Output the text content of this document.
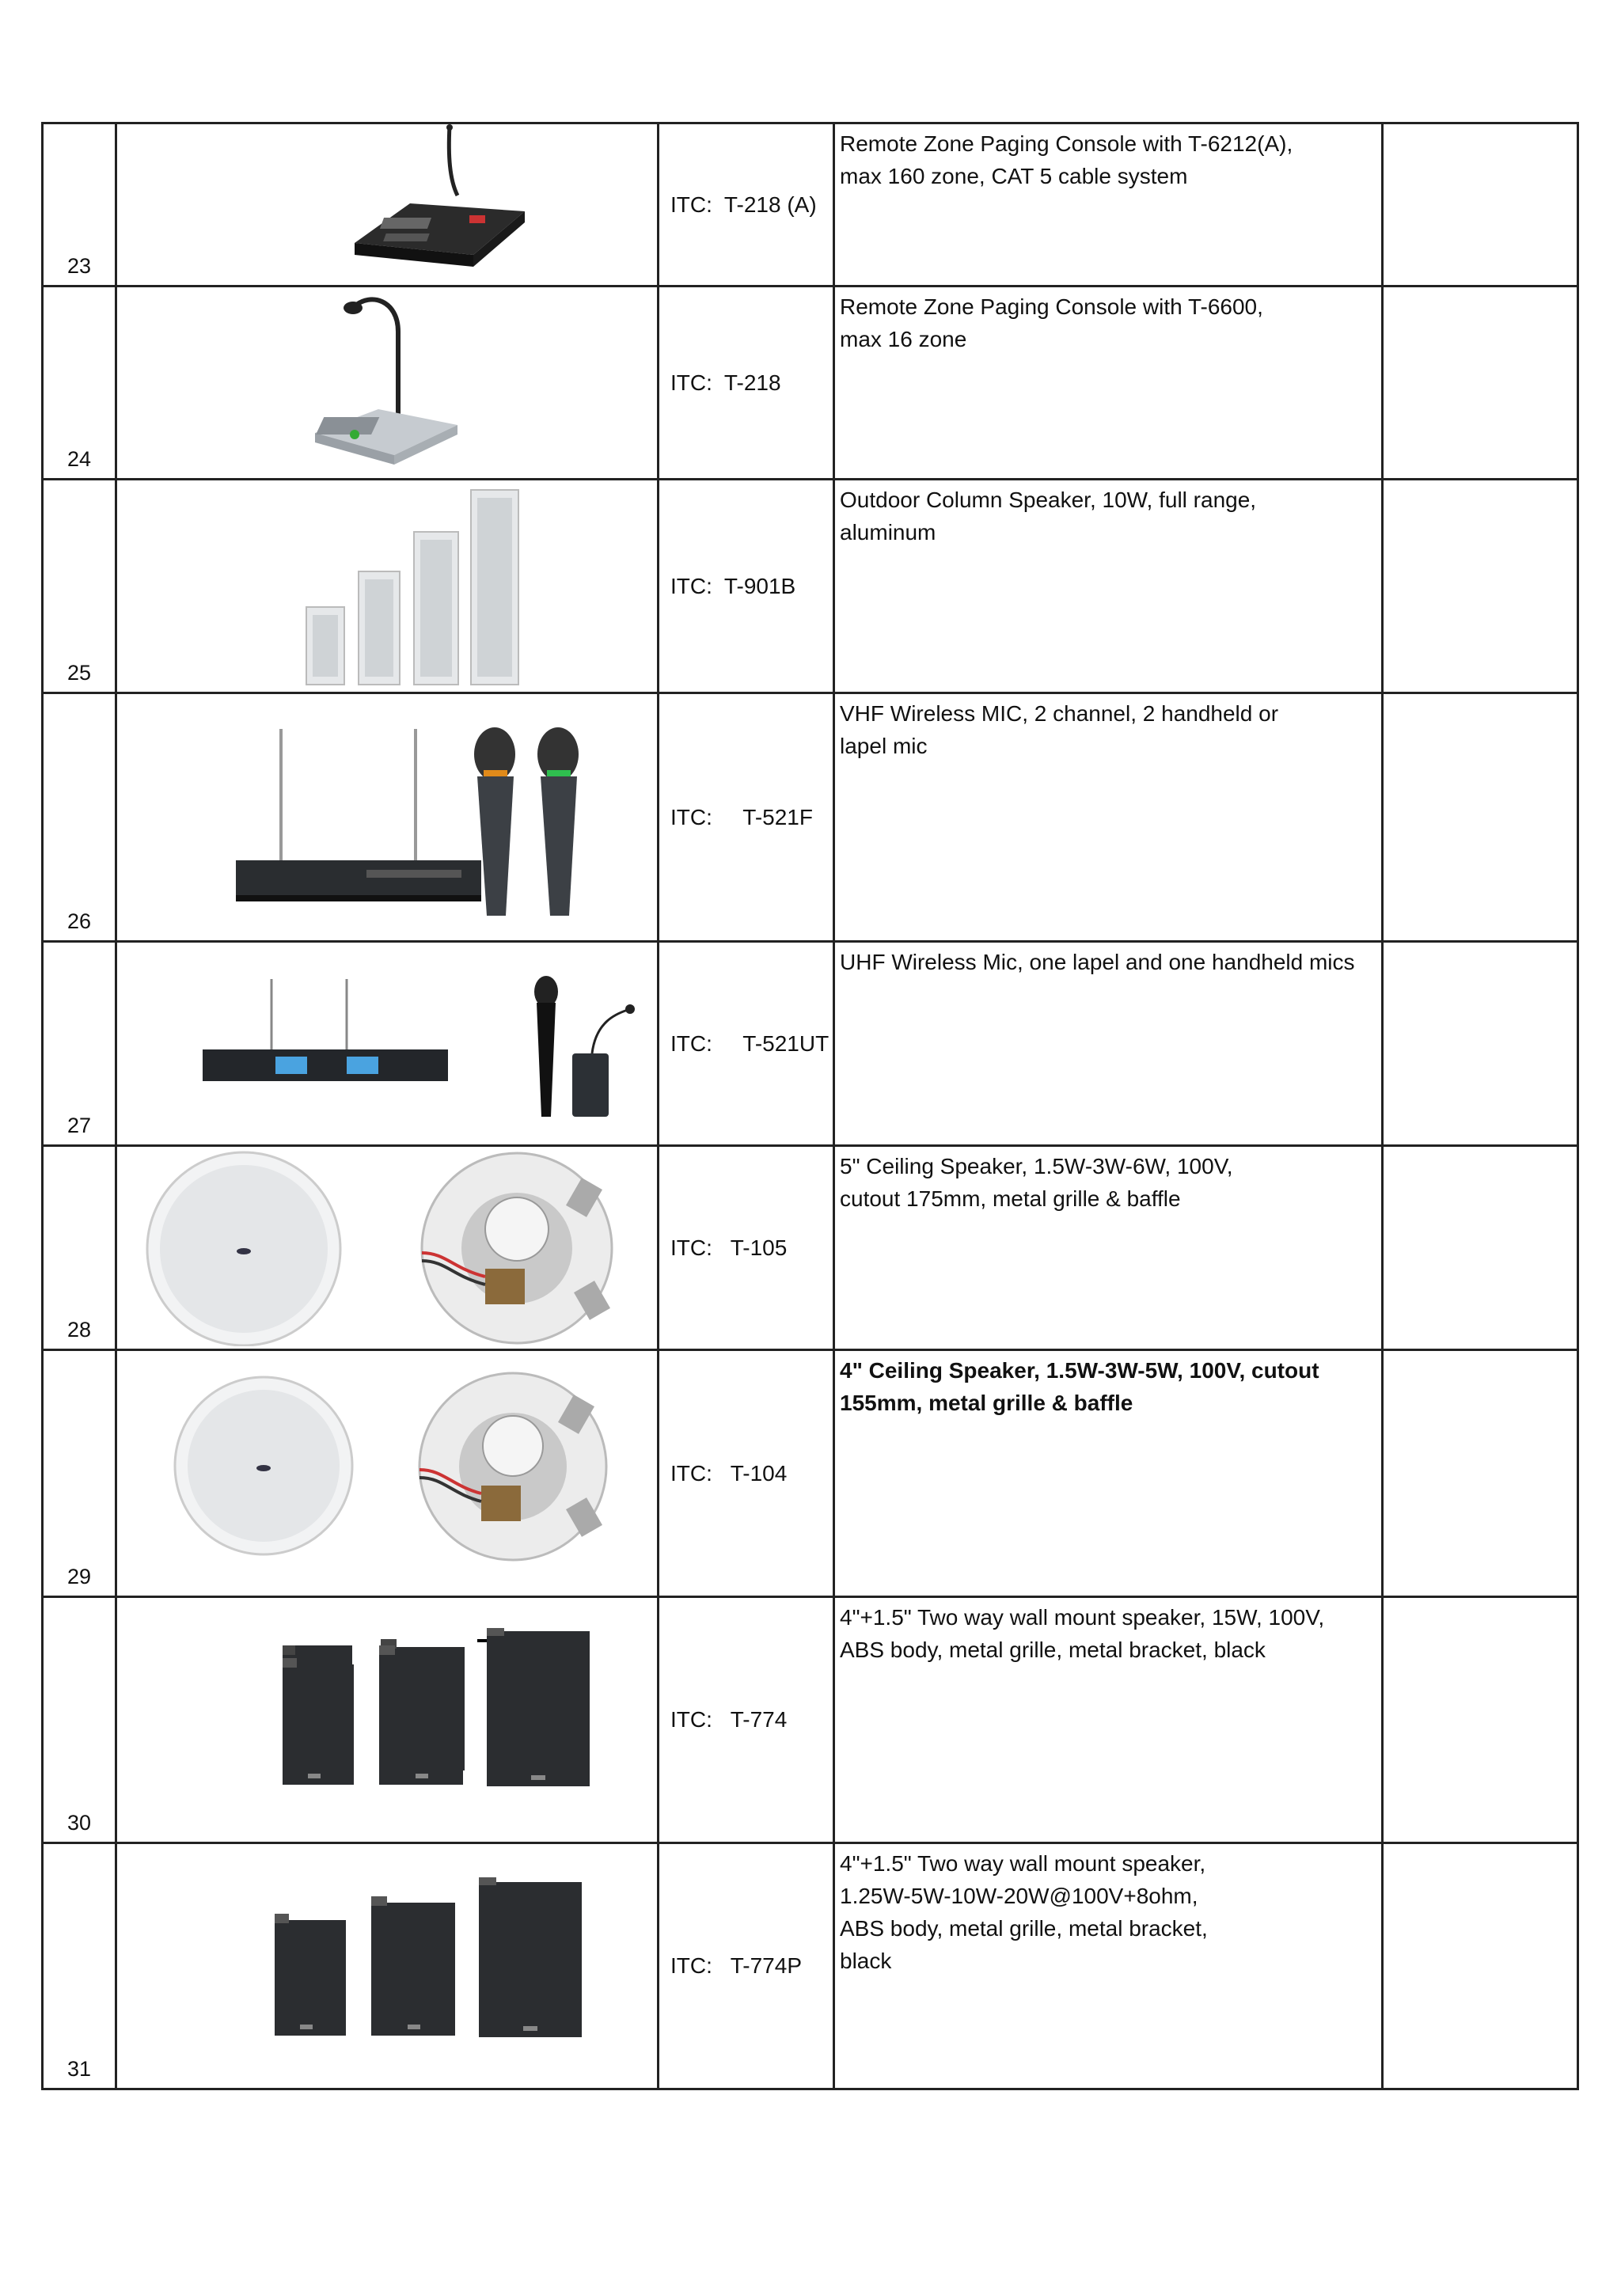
23		ITC:  T-218 (A)	Remote Zone Paging Console with T-6212(A),
max 160 zone, CAT 5 cable system	
24		ITC:  T-218	Remote Zone Paging Console with T-6600,
max 16 zone	
25		ITC:  T-901B	Outdoor Column Speaker, 10W, full range,
aluminum	
26		ITC:     T-521F	VHF Wireless MIC, 2 channel, 2 handheld or
lapel mic	
27		ITC:     T-521UT	UHF Wireless Mic, one lapel and one handheld mics	
28		ITC:   T-105	5" Ceiling Speaker, 1.5W-3W-6W, 100V,
cutout 175mm, metal grille & baffle	
29		ITC:   T-104	4" Ceiling Speaker, 1.5W-3W-5W, 100V, cutout
155mm, metal grille & baffle	
30		ITC:   T-774	4"+1.5" Two way wall mount speaker, 15W, 100V,
ABS body, metal grille, metal bracket, black	
31		ITC:   T-774P	4"+1.5" Two way wall mount speaker,
1.25W-5W-10W-20W@100V+8ohm,
ABS body, metal grille, metal bracket,
black	
